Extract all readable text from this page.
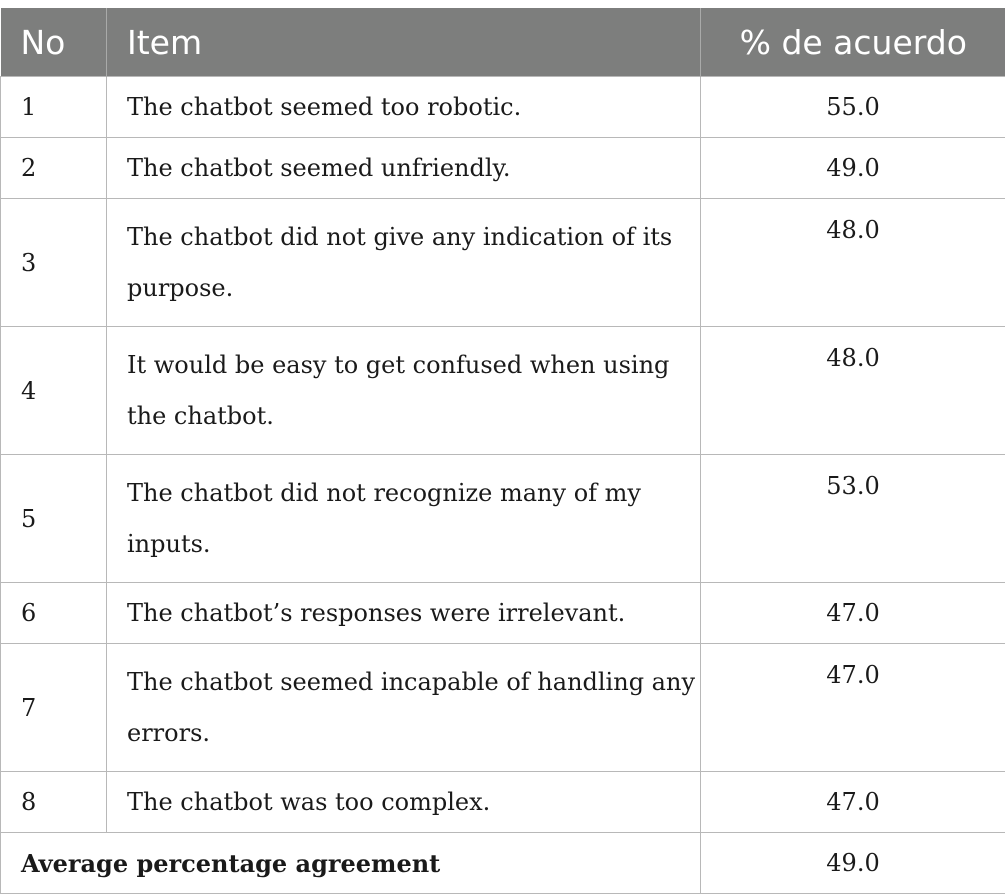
No	Item	% de acuerdo
1	The chatbot seemed too robotic.	55.0
2	The chatbot seemed unfriendly.	49.0
3	The chatbot did not give any indication of its purpose.	48.0
4	It would be easy to get confused when using the chatbot.	48.0
5	The chatbot did not recognize many of my inputs.	53.0
6	The chatbot’s responses were irrelevant.	47.0
7	The chatbot seemed incapable of handling any errors.	47.0
8	The chatbot was too complex.	47.0
Average percentage agreement		49.0
